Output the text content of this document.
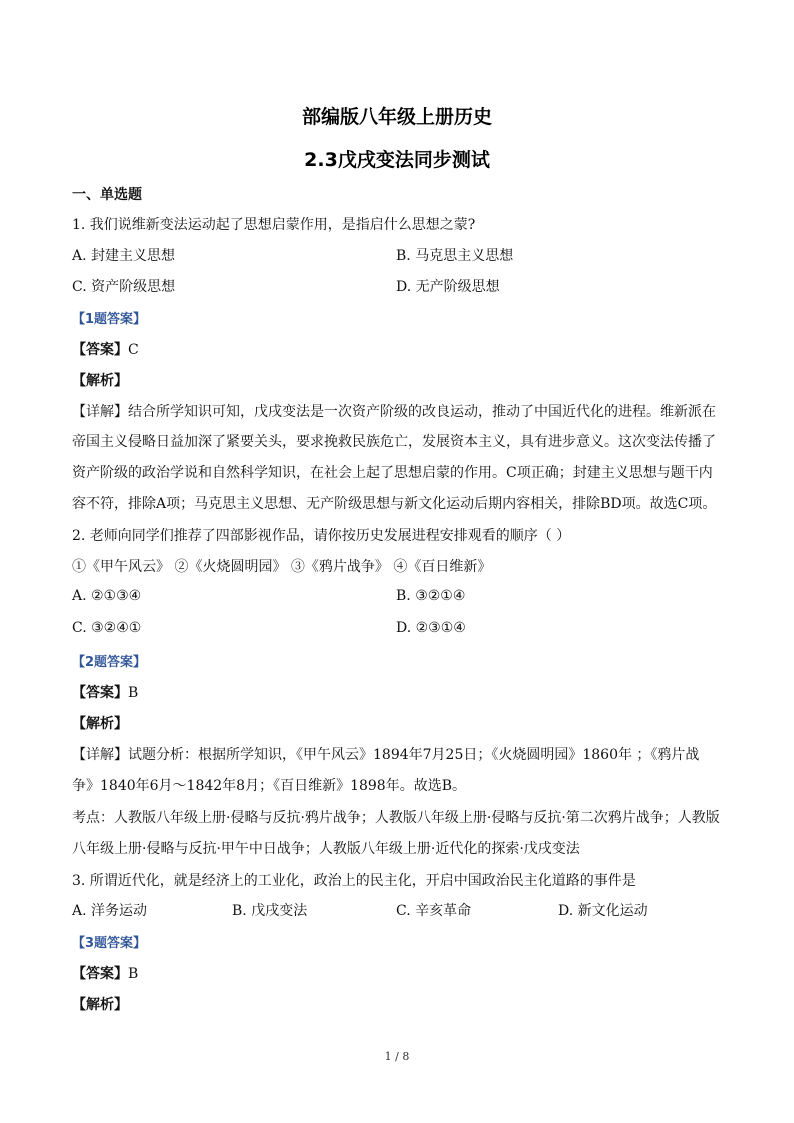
部编版八年级上册历史
2.3戊戌变法同步测试
一、单选题
1. 我们说维新变法运动起了思想启蒙作用，是指启什么思想之蒙?
A. 封建主义思想	B. 马克思主义思想
C. 资产阶级思想	D. 无产阶级思想
【1题答案】
【答案】C
【解析】
【详解】结合所学知识可知，戊戌变法是一次资产阶级的改良运动，推动了中国近代化的进程。维新派在
帝国主义侵略日益加深了紧要关头，要求挽救民族危亡，发展资本主义，具有进步意义。这次变法传播了
资产阶级的政治学说和自然科学知识，在社会上起了思想启蒙的作用。C项正确；封建主义思想与题干内
容不符，排除A项；马克思主义思想、无产阶级思想与新文化运动后期内容相关，排除BD项。故选C项。
2. 老师向同学们推荐了四部影视作品，请你按历史发展进程安排观看的顺序（ ）
①《甲午风云》 ②《火烧圆明园》 ③《鸦片战争》 ④《百日维新》
A. ②①③④	B. ③②①④
C. ③②④①	D. ②③①④
【2题答案】
【答案】B
【解析】
【详解】试题分析：根据所学知识，《甲午风云》1894年7月25日；《火烧圆明园》1860年 ；《鸦片战
争》1840年6月～1842年8月；《百日维新》1898年。故选B。
考点：人教版八年级上册·侵略与反抗·鸦片战争；人教版八年级上册·侵略与反抗·第二次鸦片战争；人教版
八年级上册·侵略与反抗·甲午中日战争；人教版八年级上册·近代化的探索·戊戌变法
3. 所谓近代化，就是经济上的工业化，政治上的民主化，开启中国政治民主化道路的事件是
A. 洋务运动	B. 戊戌变法	C. 辛亥革命	D. 新文化运动
【3题答案】
【答案】B
【解析】
1 / 8
